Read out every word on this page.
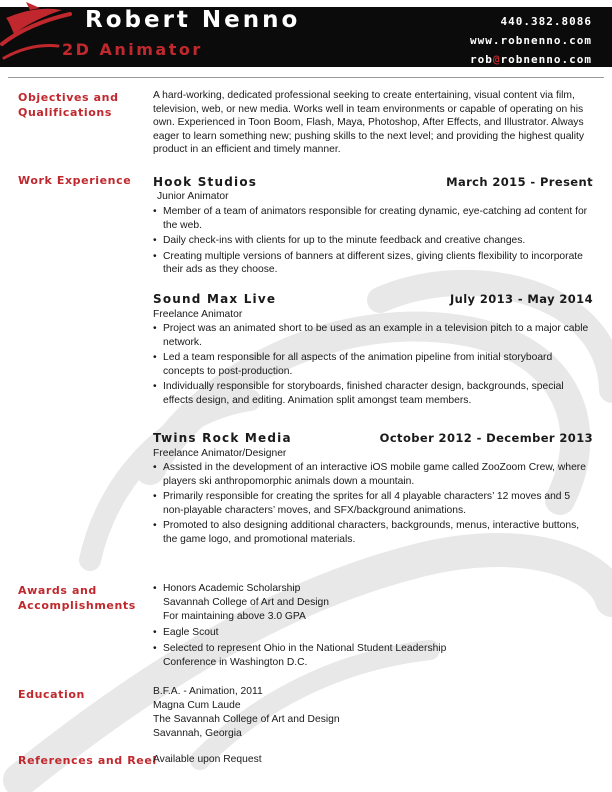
Robert Nenno
2D Animator
440.382.8086
www.robnenno.com
rob@robnenno.com
Objectives and
Qualifications
A hard-working, dedicated professional seeking to create entertaining, visual content via film, television, web, or new media. Works well in team environments or capable of operating on his own. Experienced in Toon Boom, Flash, Maya, Photoshop, After Effects, and Illustrator. Always eager to learn something new; pushing skills to the next level; and providing the highest quality product in an efficient and timely manner.
Work Experience Hook Studios	March 2015 - Present
Junior Animator
• Member of a team of animators responsible for creating dynamic, eye-catching ad content for the web.
• Daily check-ins with clients for up to the minute feedback and creative changes.
• Creating multiple versions of banners at different sizes, giving clients flexibility to incorporate their ads as they choose.
Sound Max Live	July 2013 - May 2014
Freelance Animator
• Project was an animated short to be used as an example in a television pitch to a major cable network.
• Led a team responsible for all aspects of the animation pipeline from initial storyboard concepts to post-production.
• Individually responsible for storyboards, finished character design, backgrounds, special effects design, and editing. Animation split amongst team members.
Twins Rock Media	October 2012 - December 2013
Freelance Animator/Designer
• Assisted in the development of an interactive iOS mobile game called ZooZoom Crew, where players ski anthropomorphic animals down a mountain.
• Primarily responsible for creating the sprites for all 4 playable characters’ 12 moves and 5 non-playable characters’ moves, and SFX/background animations.
• Promoted to also designing additional characters, backgrounds, menus, interactive buttons, the game logo, and promotional materials.
Awards and
Accomplishments
• Honors Academic Scholarship
Savannah College of Art and Design
For maintaining above 3.0 GPA
• Eagle Scout
• Selected to represent Ohio in the National Student Leadership
Conference in Washington D.C.
Education	B.F.A. - Animation, 2011
Magna Cum Laude
The Savannah College of Art and Design
Savannah, Georgia
References and Reel
Available upon Request
